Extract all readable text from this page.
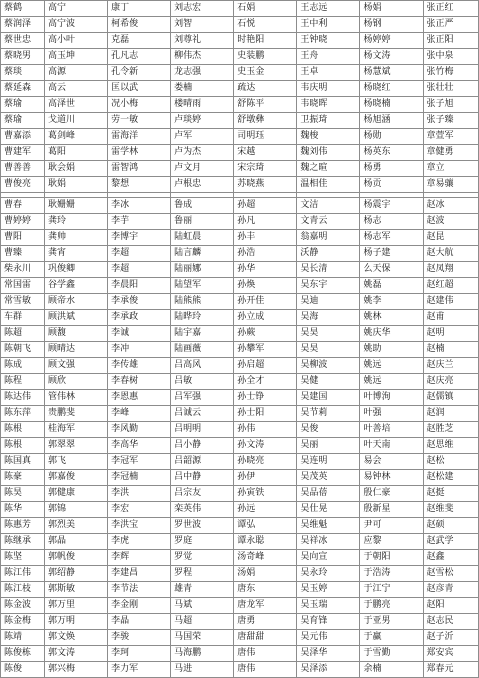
蔡鹤	高宁	康丁	刘志宏	石娟	王志远	杨娟	张正红
蔡润泽	高宁波	柯希俊	刘智	石悦	王中利	杨钢	张正严
蔡世忠	高小叶	克磊	刘尊礼	时艳阳	王钟晓	杨婷婷	张正阳
蔡晓男	高玉坤	孔凡志	柳伟杰	史装鹏	王舟	杨文涛	张中泉
蔡琰	高源	孔令新	龙志强	史玉金	王卓	杨慧斌	张竹梅
蔡延森	高云	匡以武	娄楠	疏达	韦庆明	杨晓红	张壮壮
蔡瑜	高泽世	况小梅	楼晴雨	舒陈平	韦晓晖	杨晓楠	张子旭
蔡瑜	戈道川	劳一敏	卢琰婷	舒墩彝	卫振琦	杨旭涵	张子臻
曹嘉添	葛剑峰	雷海洋	卢军	司明珏	魏梭	杨勋	章萱军
曹建军	葛阳	雷学林	卢为杰	宋越	魏刘伟	杨英东	章健勇
曹善善	耿会娟	雷智鸿	卢文月	宋宗琦	魏之暄	杨勇	章立
曹俊亮	耿娟	黎想	卢根忠	苏晓燕	温相佳	杨贡	章易骧

曹春	耿姗姗	李冰	鲁成	孙超	文洁	杨震宇	赵冰
曹婷婷	龚玲	李芋	鲁丽	孙凡	文青云	杨志	赵波
曹阳	龚帅	李博宇	陆虹晨	孙丰	翁嘉明	杨志军	赵昆
曹臻	龚宵	李超	陆言麟	孙浩	沃静	杨子建	赵大航
柴永川	巩俊卿	李超	陆丽娜	孙华	吴长清	么天保	赵凤翔
常国雷	谷学鑫	李晨阳	陆望军	孙焕	吴东宇	姚磊	赵红超
常雪敏	顾帝水	李承俊	陆熊熊	孙开佳	吴迪	姚李	赵建伟
车群	顾洪斌	李承政	陆晔玲	孙立成	吴海	姚林	赵甫
陈超	顾馥	李诚	陆宇嘉	孙蕨	吴昊	姚庆华	赵明
陈朝飞	顾晴达	李冲	陆画薇	孙攀军	吴昊	姚助	赵楠
陈成	顾文强	李传雄	吕高风	孙启超	吴柳波	姚远	赵庆兰
陈程	顾欣	李春树	吕敏	孙全才	吴健	姚远	赵庆亮
陈达伟	管伟林	李恩惠	吕军强	孙士铮	吴建国	叶博洵	赵儒镇
陈东萍	贵鹏斐	李峰	吕诚云	孙士阳	吴节莉	叶强	赵润
陈根	桂海军	李风勤	吕明明	孙伟	吴俊	叶善培	赵胜芝
陈根	郭翠翠	李高华	吕小静	孙文涛	吴丽	叶天南	赵思维
陈国真	郭飞	李冠军	吕韶源	孙晓亮	吴连明	易会	赵松
陈豪	郭嘉俊	李冠楠	吕中静	孙伊	吴茂英	易钟林	赵松建
陈昊	郭健康	李洪	吕宗友	孙寅铁	吴品蓓	殷仁豪	赵挺
陈华	郭锦	李宏	栾英伟	孙远	吴仕晃	殷新星	赵维斐
陈惠芳	郭烈美	李洪宝	罗世波	谭弘	吴维魁	尹可	赵硕
陈继承	郭晶	李虎	罗庭	谭永聪	吴祥冰	应黎	赵武学
陈坚	郭帆俊	李辉	罗觉	汤奇峰	吴向宣	于朝阳	赵鑫
陈江伟	郭绍静	李建昌	罗程	汤娟	吴永玲	于浩涛	赵雪松
陈江枝	郭斯敏	李节法	雄青	唐东	吴玉婷	于江宁	赵彦青
陈金波	郭万里	李金刚	马斌	唐龙军	吴玉瑞	于鹏亮	赵阳
陈金梅	郭万明	李晶	马超	唐勇	吴育锋	于亚男	赵志民
陈靖	郭文焕	李骏	马国荣	唐甜甜	吴元伟	于赢	赵子沂
陈俊栋	郭文涛	李珂	马海鹏	唐伟	吴泽华	于雪勤	郑安宾
陈俊	郭兴梅	李力军	马进	唐伟	吴泽添	余楠	郑春元
